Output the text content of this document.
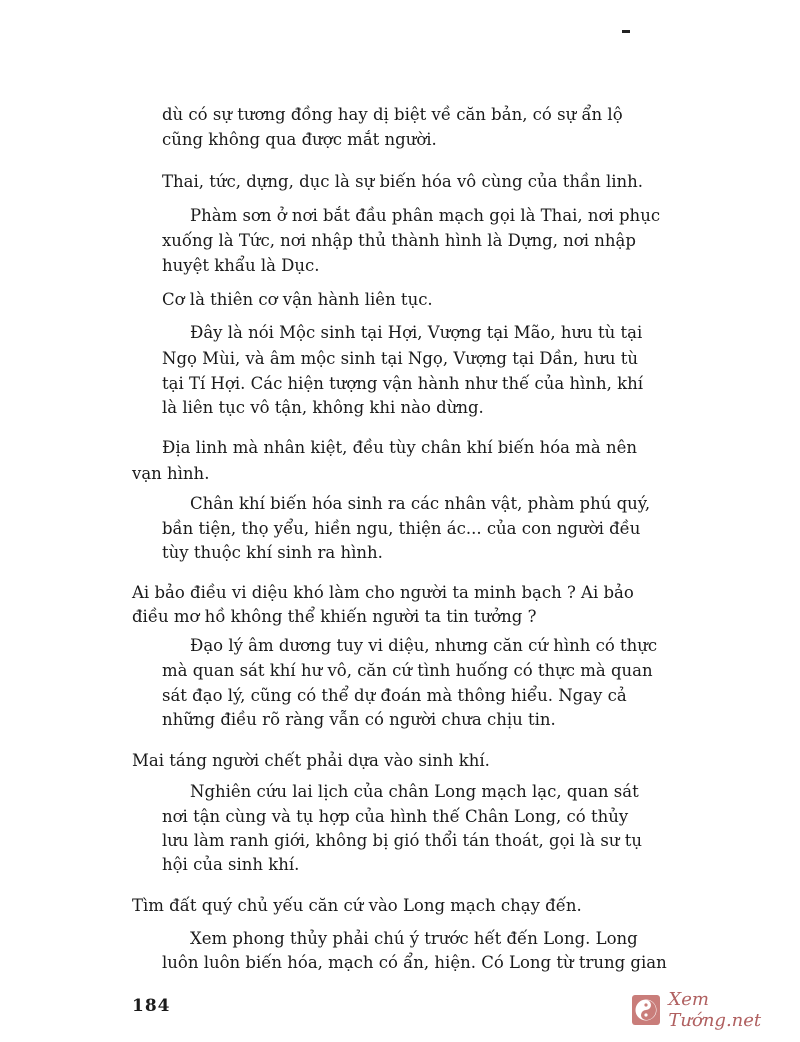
dù có sự tương đồng hay dị biệt về căn bản, có sự ẩn lộ
cũng không qua được mắt người.
Thai, tức, dựng, dục là sự biến hóa vô cùng của thần linh.
Phàm sơn ở nơi bắt đầu phân mạch gọi là Thai, nơi phục
xuống là Tức, nơi nhập thủ thành hình là Dựng, nơi nhập
huyệt khẩu là Dục.
Cơ là thiên cơ vận hành liên tục.
Đây là nói Mộc sinh tại Hợi, Vượng tại Mão, hưu tù tại
Ngọ Mùi, và âm mộc sinh tại Ngọ, Vượng tại Dần, hưu tù
tại Tí Hợi. Các hiện tượng vận hành như thế của hình, khí
là liên tục vô tận, không khi nào dừng.
Địa linh mà nhân kiệt, đều tùy chân khí biến hóa mà nên
vạn hình.
Chân khí biến hóa sinh ra các nhân vật, phàm phú quý,
bần tiện, thọ yểu, hiền ngu, thiện ác... của con người đều
tùy thuộc khí sinh ra hình.
Ai bảo điều vi diệu khó làm cho người ta minh bạch ? Ai bảo
điều mơ hồ không thể khiến người ta tin tưởng ?
Đạo lý âm dương tuy vi diệu, nhưng căn cứ hình có thực
mà quan sát khí hư vô, căn cứ tình huống có thực mà quan
sát đạo lý, cũng có thể dự đoán mà thông hiểu. Ngay cả
những điều rõ ràng vẫn có người chưa chịu tin.
Mai táng người chết phải dựa vào sinh khí.
Nghiên cứu lai lịch của chân Long mạch lạc, quan sát
nơi tận cùng và tụ hợp của hình thế Chân Long, có thủy
lưu làm ranh giới, không bị gió thổi tán thoát, gọi là sư tụ
hội của sinh khí.
Tìm đất quý chủ yếu căn cứ vào Long mạch chạy đến.
Xem phong thủy phải chú ý trước hết đến Long. Long
luôn luôn biến hóa, mạch có ẩn, hiện. Có Long từ trung gian
184	Xem Tướng.net
